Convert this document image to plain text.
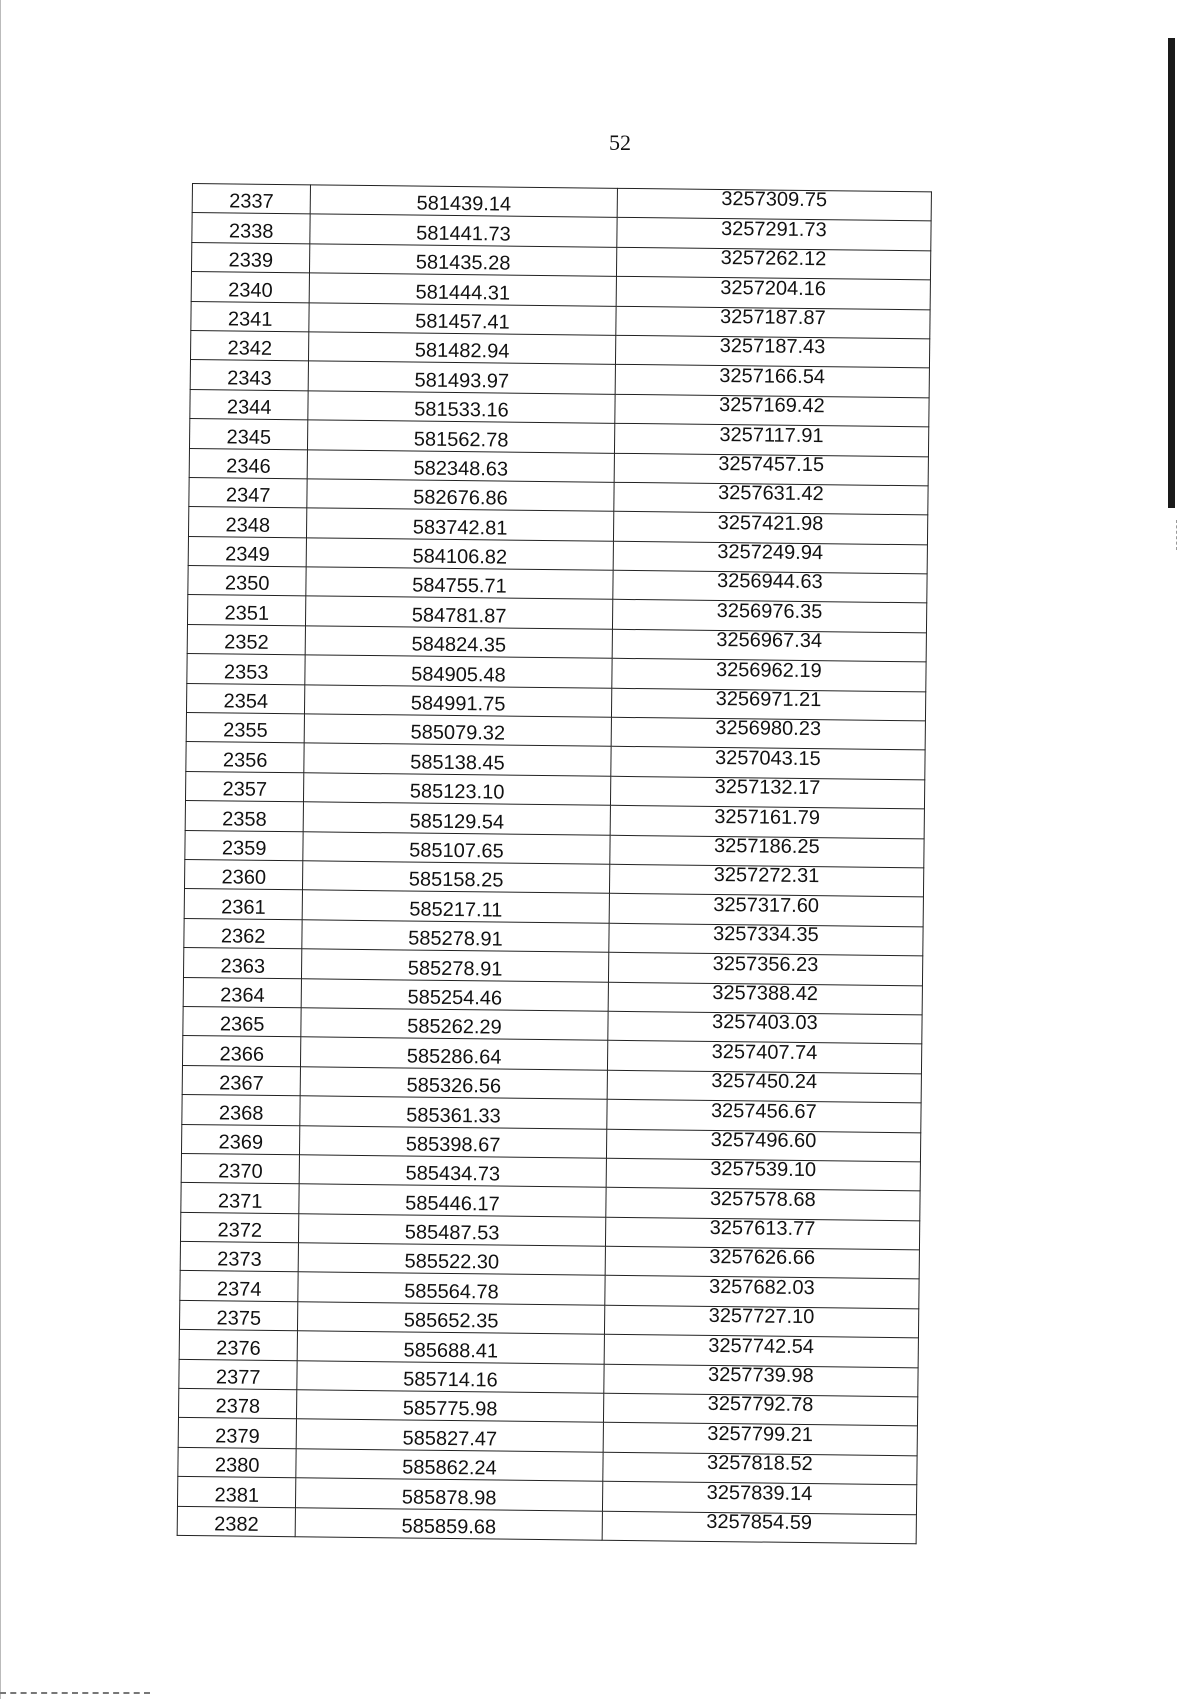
52
2337	581439.14	3257309.75
2338	581441.73	3257291.73
2339	581435.28	3257262.12
2340	581444.31	3257204.16
2341	581457.41	3257187.87
2342	581482.94	3257187.43
2343	581493.97	3257166.54
2344	581533.16	3257169.42
2345	581562.78	3257117.91
2346	582348.63	3257457.15
2347	582676.86	3257631.42
2348	583742.81	3257421.98
2349	584106.82	3257249.94
2350	584755.71	3256944.63
2351	584781.87	3256976.35
2352	584824.35	3256967.34
2353	584905.48	3256962.19
2354	584991.75	3256971.21
2355	585079.32	3256980.23
2356	585138.45	3257043.15
2357	585123.10	3257132.17
2358	585129.54	3257161.79
2359	585107.65	3257186.25
2360	585158.25	3257272.31
2361	585217.11	3257317.60
2362	585278.91	3257334.35
2363	585278.91	3257356.23
2364	585254.46	3257388.42
2365	585262.29	3257403.03
2366	585286.64	3257407.74
2367	585326.56	3257450.24
2368	585361.33	3257456.67
2369	585398.67	3257496.60
2370	585434.73	3257539.10
2371	585446.17	3257578.68
2372	585487.53	3257613.77
2373	585522.30	3257626.66
2374	585564.78	3257682.03
2375	585652.35	3257727.10
2376	585688.41	3257742.54
2377	585714.16	3257739.98
2378	585775.98	3257792.78
2379	585827.47	3257799.21
2380	585862.24	3257818.52
2381	585878.98	3257839.14
2382	585859.68	3257854.59
